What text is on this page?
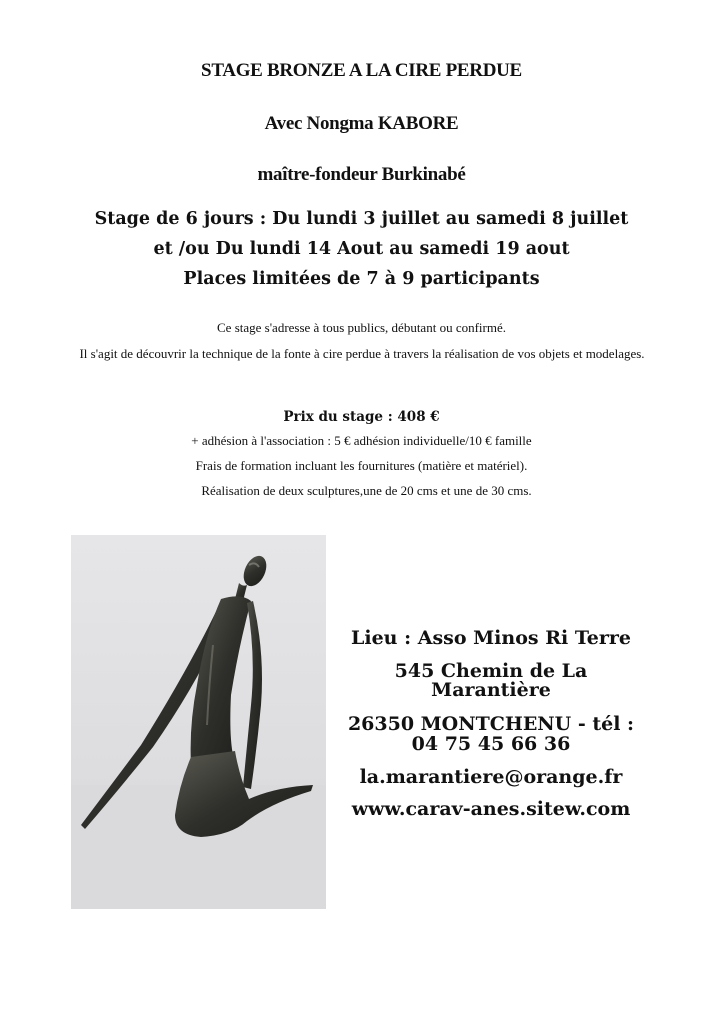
STAGE BRONZE A LA CIRE PERDUE
Avec Nongma KABORE
maître-fondeur Burkinabé
Stage de 6 jours : Du lundi 3 juillet au samedi 8 juillet
et /ou Du lundi 14 Aout au samedi 19 aout
Places limitées de 7 à 9 participants
Ce stage s'adresse à tous publics, débutant ou confirmé.
Il s'agit de découvrir la technique de la fonte à cire perdue à travers la réalisation de vos objets et modelages.
Prix du stage : 408 €
+ adhésion à l'association : 5 € adhésion individuelle/10 € famille
Frais de formation incluant les fournitures (matière et matériel).
Réalisation de deux sculptures,une de 20 cms et une de 30 cms.
Lieu : Asso Minos Ri Terre
545 Chemin de La
Marantière
26350 MONTCHENU - tél :
04 75 45 66 36
la.marantiere@orange.fr
www.carav-anes.sitew.com
